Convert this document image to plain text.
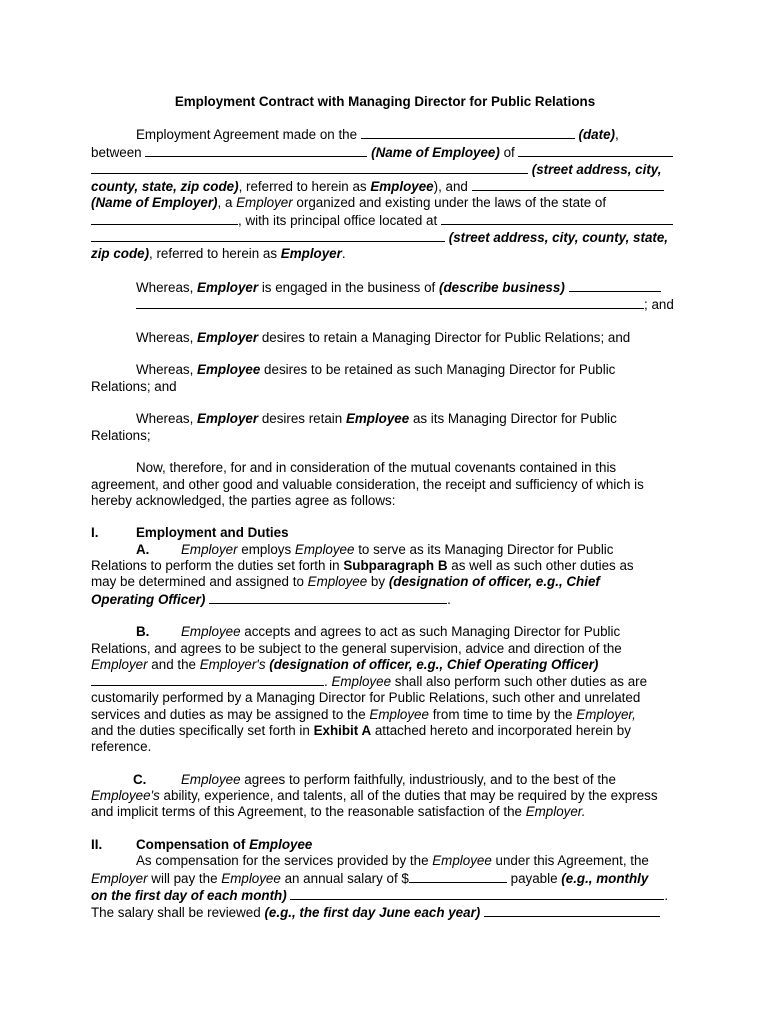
Employment Contract with Managing Director for Public Relations

Employment Agreement made on the	(date),

between	(Name of Employee) of

(street address, city,

county, state, zip code), referred to herein as Employee), and

(Name of Employer), a Employer organized and existing under the laws of the state of

, with its principal office located at

(street address, city, county, state,

zip code), referred to herein as Employer.

Whereas, Employer is engaged in the business of (describe business)

; and

Whereas, Employer desires to retain a Managing Director for Public Relations; and

Whereas, Employee desires to be retained as such Managing Director for Public

Relations; and

Whereas, Employer desires retain Employee as its Managing Director for Public

Relations;

Now, therefore, for and in consideration of the mutual covenants contained in this

agreement, and other good and valuable consideration, the receipt and sufficiency of which is

hereby acknowledged, the parties agree as follows:

I.	Employment and Duties

A. Employer employs Employee to serve as its Managing Director for Public

Relations to perform the duties set forth in Subparagraph B as well as such other duties as

may be determined and assigned to Employee by (designation of officer, e.g., Chief

Operating Officer)	.

B. Employee accepts and agrees to act as such Managing Director for Public

Relations, and agrees to be subject to the general supervision, advice and direction of the

Employer and the Employer's (designation of officer, e.g., Chief Operating Officer)

. Employee shall also perform such other duties as are

customarily performed by a Managing Director for Public Relations, such other and unrelated

services and duties as may be assigned to the Employee from time to time by the Employer,

and the duties specifically set forth in Exhibit A attached hereto and incorporated herein by

reference.

C.	Employee agrees to perform faithfully, industriously, and to the best of the

Employee's ability, experience, and talents, all of the duties that may be required by the express

and implicit terms of this Agreement, to the reasonable satisfaction of the Employer.

II.	Compensation of Employee

As compensation for the services provided by the Employee under this Agreement, the

Employer will pay the Employee an annual salary of $	payable (e.g., monthly

on the first day of each month)	.

The salary shall be reviewed (e.g., the first day June each year)
